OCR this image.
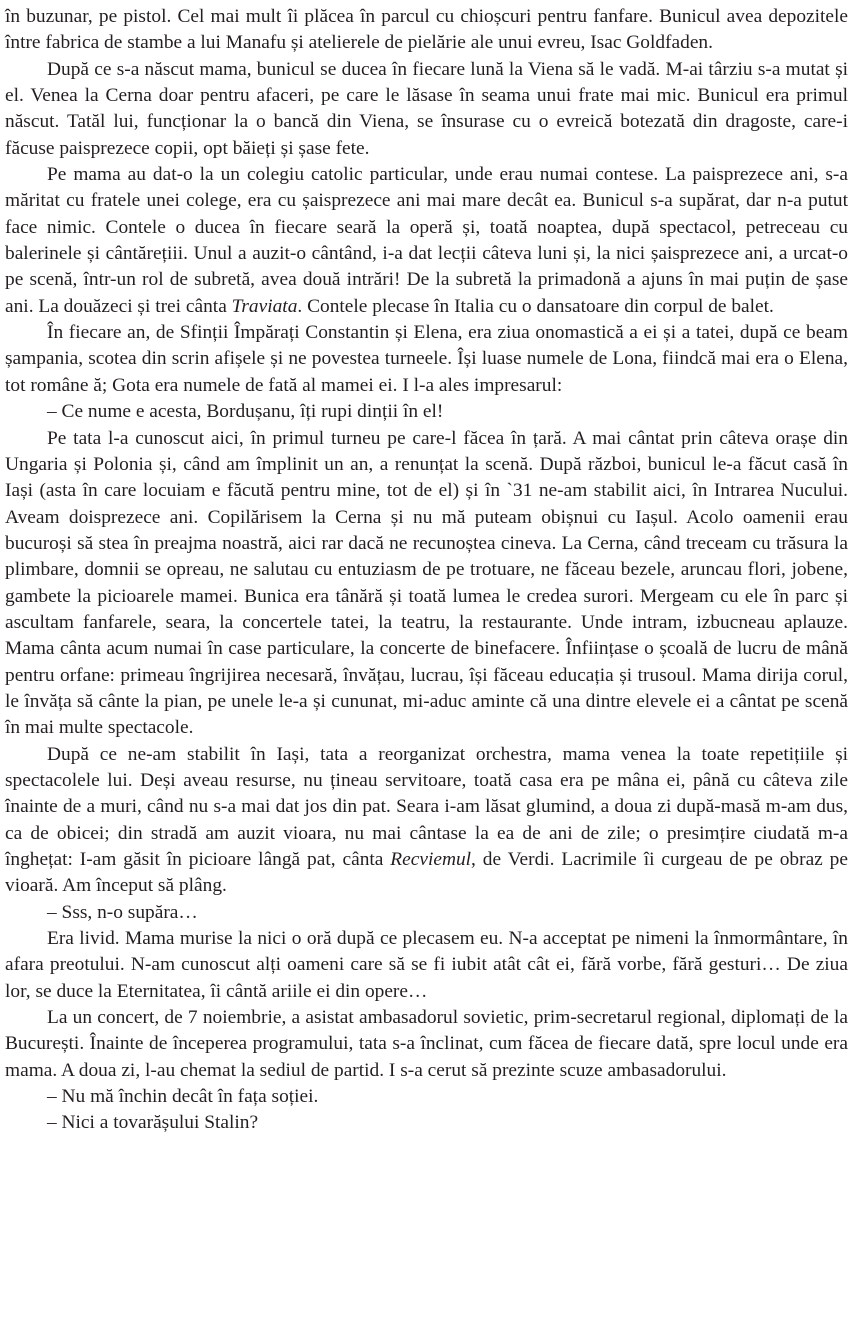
în buzunar, pe pistol. Cel mai mult îi plăcea în parcul cu chioșcuri pentru fanfare. Bunicul avea depozitele între fabrica de stambe a lui Manafu și atelierele de pielărie ale unui evreu, Isac Goldfaden.

După ce s-a născut mama, bunicul se ducea în fiecare lună la Viena să le vadă. M-ai târziu s-a mutat și el. Venea la Cerna doar pentru afaceri, pe care le lăsase în seama unui frate mai mic. Bunicul era primul născut. Tatăl lui, funcționar la o bancă din Viena, se însurase cu o evreică botezată din dragoste, care-i făcuse paisprezece copii, opt băieți și șase fete.

Pe mama au dat-o la un colegiu catolic particular, unde erau numai contese. La paisprezece ani, s-a măritat cu fratele unei colege, era cu șaisprezece ani mai mare decât ea. Bunicul s-a supărat, dar n-a putut face nimic. Contele o ducea în fiecare seară la operă și, toată noaptea, după spectacol, petreceau cu balerinele și cântărețiii. Unul a auzit-o cântând, i-a dat lecții câteva luni și, la nici șaisprezece ani, a urcat-o pe scenă, într-un rol de subretă, avea două intrări! De la subretă la primadonă a ajuns în mai puțin de șase ani. La douăzeci și trei cânta Traviata. Contele plecase în Italia cu o dansatoare din corpul de balet.

În fiecare an, de Sfinții Împărați Constantin și Elena, era ziua onomastică a ei și a tatei, după ce beam șampania, scotea din scrin afișele și ne povestea turneele. Își luase numele de Lona, fiindcă mai era o Elena, tot române ă; Gota era numele de fată al mamei ei. I l-a ales impresarul:

– Ce nume e acesta, Bordușanu, îți rupi dinții în el!

Pe tata l-a cunoscut aici, în primul turneu pe care-l făcea în țară. A mai cântat prin câteva orașe din Ungaria și Polonia și, când am împlinit un an, a renunțat la scenă. După război, bunicul le-a făcut casă în Iași (asta în care locuiam e făcută pentru mine, tot de el) și în `31 ne-am stabilit aici, în Intrarea Nucului. Aveam doisprezece ani. Copilărisem la Cerna și nu mă puteam obișnui cu Iașul. Acolo oamenii erau bucuroși să stea în preajma noastră, aici rar dacă ne recunoștea cineva. La Cerna, când treceam cu trăsura la plimbare, domnii se opreau, ne salutau cu entuziasm de pe trotuare, ne făceau bezele, aruncau flori, jobene, gambete la picioarele mamei. Bunica era tânără și toată lumea le credea surori. Mergeam cu ele în parc și ascultam fanfarele, seara, la concertele tatei, la teatru, la restaurante. Unde intram, izbucneau aplauze. Mama cânta acum numai în case particulare, la concerte de binefacere. Înființase o școală de lucru de mână pentru orfane: primeau îngrijirea necesară, învățau, lucrau, își făceau educația și trusoul. Mama dirija corul, le învăța să cânte la pian, pe unele le-a și cununat, mi-aduc aminte că una dintre elevele ei a cântat pe scenă în mai multe spectacole.

După ce ne-am stabilit în Iași, tata a reorganizat orchestra, mama venea la toate repetițiile și spectacolele lui. Deși aveau resurse, nu țineau servitoare, toată casa era pe mâna ei, până cu câteva zile înainte de a muri, când nu s-a mai dat jos din pat. Seara i-am lăsat glumind, a doua zi după-masă m-am dus, ca de obicei; din stradă am auzit vioara, nu mai cântase la ea de ani de zile; o presimțire ciudată m-a înghețat: I-am găsit în picioare lângă pat, cânta Recviemul, de Verdi. Lacrimile îi curgeau de pe obraz pe vioară. Am început să plâng.

– Sss, n-o supăra…

Era livid. Mama murise la nici o oră după ce plecasem eu. N-a acceptat pe nimeni la înmormântare, în afara preotului. N-am cunoscut alți oameni care să se fi iubit atât cât ei, fără vorbe, fără gesturi… De ziua lor, se duce la Eternitatea, îi cântă ariile ei din opere…

La un concert, de 7 noiembrie, a asistat ambasadorul sovietic, prim-secretarul regional, diplomați de la București. Înainte de începerea programului, tata s-a înclinat, cum făcea de fiecare dată, spre locul unde era mama. A doua zi, l-au chemat la sediul de partid. I s-a cerut să prezinte scuze ambasadorului.

– Nu mă închin decât în fața soției.

– Nici a tovarășului Stalin?
